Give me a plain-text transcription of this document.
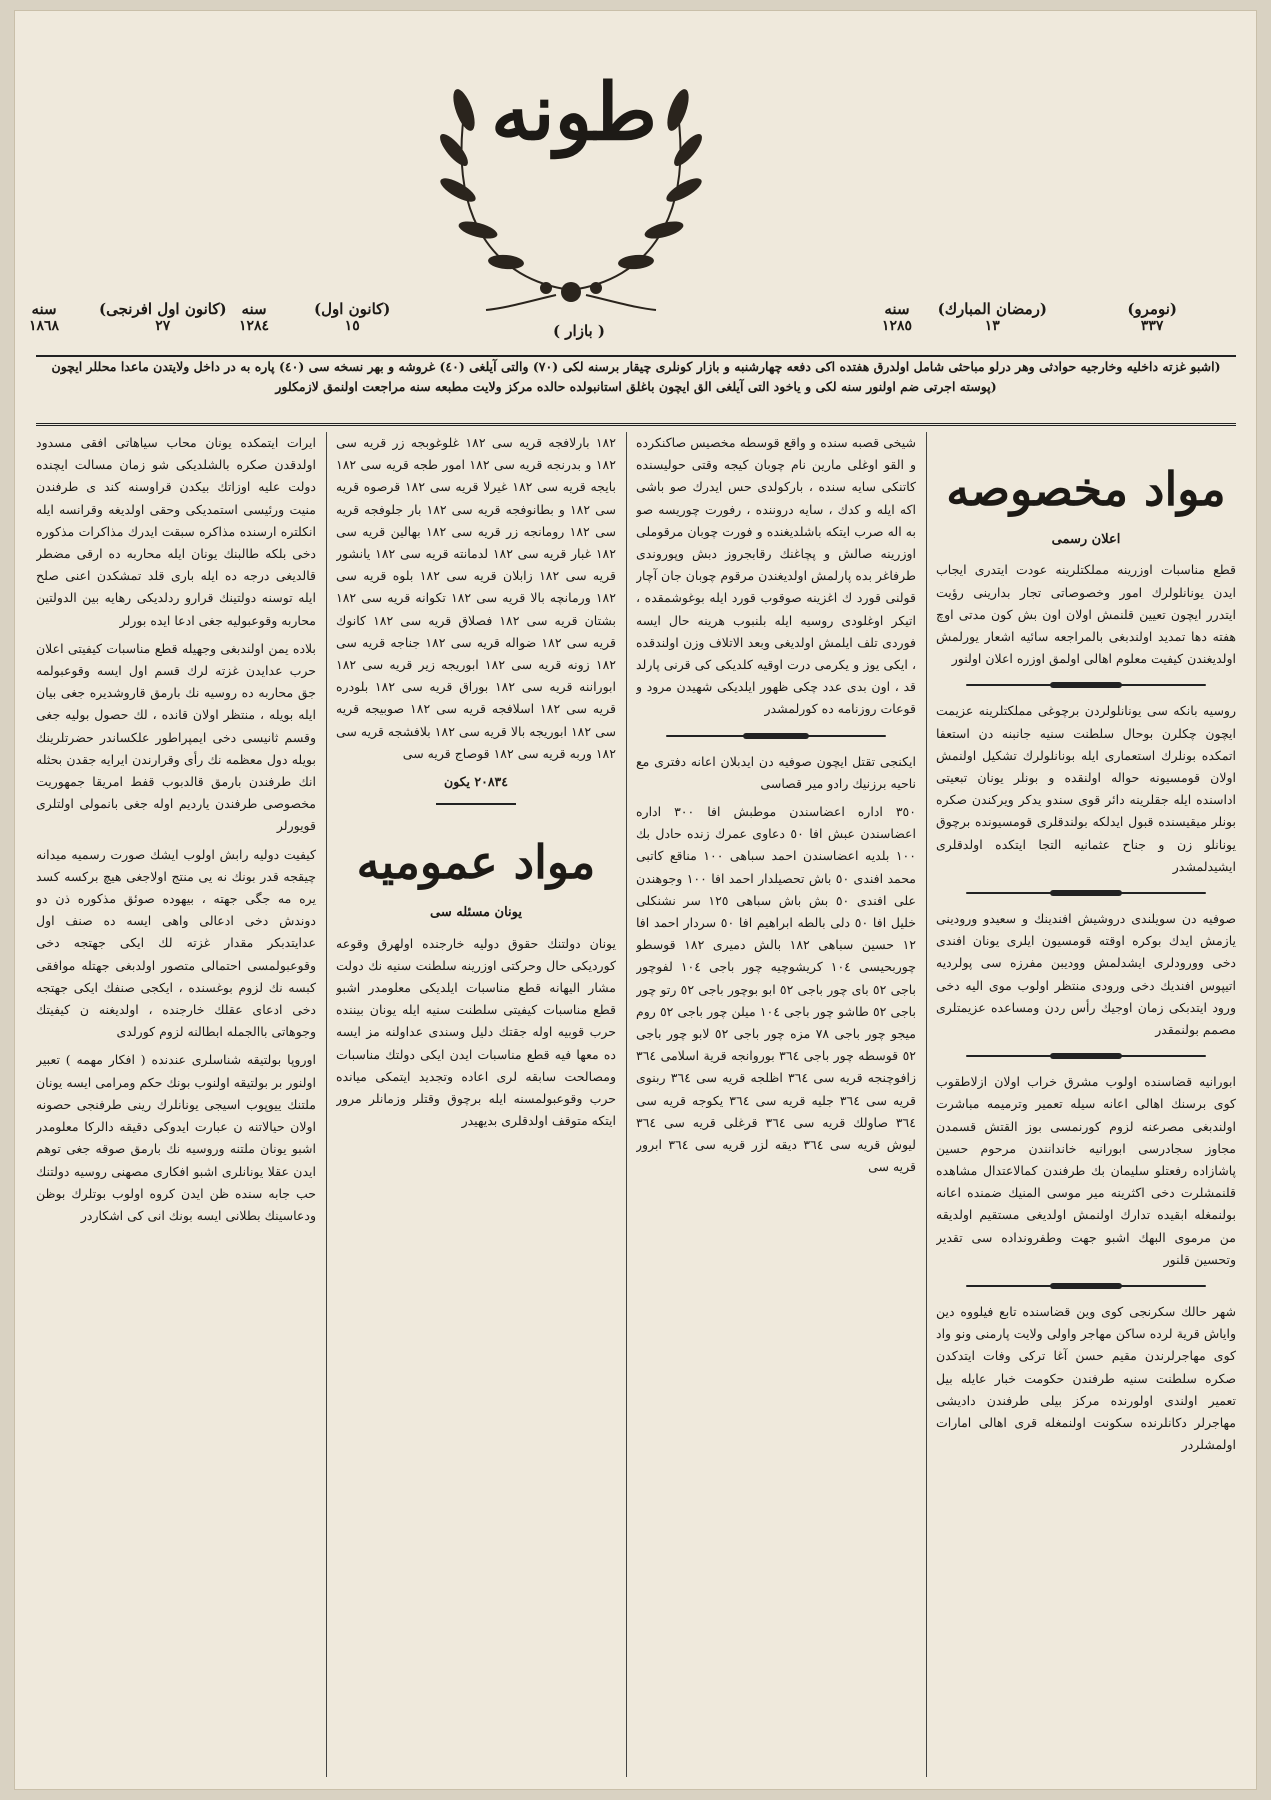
طونه
(نومرو)
٣٣٧
(رمضان المبارك)
١٣
سنه
١٢٨٥
(كانون اول)
١٥
سنه
١٢٨٤
(كانون اول افرنجى)
٢٧
سنه
١٨٦٨	( بازار )
(اشبو غزته داخليه وخارجيه حوادثى وهر درلو مباحثى شامل اولدرق هفتده اكى دفعه چهارشنبه و بازار كونلرى چيقار برسنه لكى (٧٠) والتى آيلغى (٤٠) غروشه و بهر نسخه سى (٤٠) پاره به در داخل ولايتدن ماعدا محللر ايچون
(پوسته اجرتى ضم اولنور سنه لكى و ياخود التى آيلغى الق ايچون باغلق استانبولده حالده مركز ولايت مطبعه سنه مراجعت اولنمق لازمكلور
مواد مخصوصه
اعلان رسمى

قطع مناسبات اوزرينه مملكتلرينه عودت ايتدرى ايجاب ايدن يونانلولرك امور وخصوصاتى تجار بدارينى رؤيت ايتدرر ايچون تعيين قلنمش اولان اون بش كون مدتى اوچ هفته دها تمديد اولندبغى بالمراجعه سائيه اشعار يورلمش اولديغندن كيفيت معلوم اهالى اولمق اوزره اعلان اولنور

روسيه بانكه سى يونانلولردن برچوغى مملكتلرينه عزيمت ايچون چكلرن بوحال سلطنت سنيه جانبنه دن استعفا اتمكده بونلرك استعمارى ايله بونانلولرك تشكيل اولنمش اولان قومسيونه حواله اولنقده و بونلر يونان تبعيتى اداسنده ايله جقلرينه دائر قوى سندو يدكر ويركندن صكره بونلر ميقيسنده قبول ايدلكه بولندقلرى قومسيونده برچوق يونانلو زن و جناح عثمانيه التجا ايتكده اولدقلرى ايشيدلمشدر

صوفيه دن سويلندى دروشيش افندينك و سعيدو ورودينى يازمش ايدك بوكره اوقته قومسيون ايلرى يونان افندى دخى وورودلرى ايشدلمش ووديبن مفرزه سى پولرديه اتيپوس افنديك دخى ورودى منتظر اولوب موى اليه دخى ورود ايتدبكى زمان اوجيك رأس ردن ومساعده عزيمتلرى مصمم بولنمقدر

ابورانيه قضاسنده اولوب مشرق خراب اولان ازلاطقوب كوى برسنك اهالى اعانه سيله تعمير وترميمه مباشرت اولندبغى مصرعنه لزوم كورنمسى بوز القتش قسمدن مجاوز سجادرسى ابورانيه خاندانندن مرحوم حسين پاشازاده رفعتلو سليمان بك طرفندن كمالاعتدال مشاهده قلنمشلرت دخى اكثرينه مير موسى المنيك ضمنده اعانه بولنمغله ابقيده تدارك اولنمش اولديغى مستقيم اولديقه من مرموى البهك اشبو جهت وطفرونداده سى تقدير وتحسين قلنور

شهر حالك سكرنجى كوى وين قضاسنده تابع فيلووه دين واياش قرية لرده ساكن مهاجر واولى ولايت پارمنى ونو واد كوى مهاجرلرندن مقيم حسن آغا تركى وفات ايتدكدن صكره سلطنت سنيه طرفندن حكومت خبار عايله بيل تعمير اولندى اولورنده مركز بيلى طرفندن داديشى مهاجرلر دكانلرنده سكونت اولنمغله قرى اهالى امارات اولمشلردر

شيخى قصبه سنده و واقع قوسطه مخصيس صاكنكرده و القو اوغلى مارين نام چوبان كيجه وقتى حوليسنده كاتنكى سايه سنده ، باركولدى حس ايدرك صو باشى اكه ايله و كدك ، سايه دروننده ، رفورت چوريسه صو به اله صرب ايتكه باشلديغنده و فورت چوبان مرقوملى اوزرينه صالش و پچاغنك رقابجروز دبش وپوروندى طرفاغر بده پارلمش اولديغندن مرقوم چوبان جان آچار قولنى قورد ك اغزينه صوقوب قورد ايله بوغوشمقده ، اتيكر اوغلودى روسيه ايله بلنبوب هرينه حال ايسه فوردى تلف ايلمش اولديغى وبعد الاتلاف وزن اولندقده ، ايكى يوز و يكرمى درت اوقيه كلديكى كى قرنى پارلد قد ، اون بدى عدد چكى ظهور ايلديكى شهيدن مرود و قوعات روزنامه ده كورلمشدر

ايكنجى تقتل ايچون صوفيه دن ايدبلان اعانه دفترى مع ناحيه برزنيك رادو مير قصاسى

٣٥٠ اداره اعضاسندن موطبش افا ٣٠٠ اداره اعضاسندن عبش افا ٥٠ دعاوى عمرك زنده حادل بك ١٠٠ بلديه اعضاسندن احمد سباهى ١٠٠ مناقع كاتبى محمد افندى ٥٠ باش تحصيلدار احمد افا ١٠٠ وجوهندن على افندى ٥٠ بش باش سباهى ١٢٥ سر نشنكلى خليل افا ٥٠ دلى بالطه ابراهيم افا ٥٠ سردار احمد افا ١٢ حسين سباهى ١٨٢ بالش دميرى ١٨٢ قوسطو چوربحيسى ١٠٤ كريشوچيه چور باجى ١٠٤ لفوچور باجى ٥٢ بای چور باجى ٥٢ ابو بوچور باجى ٥٢ رتو چور باجى ٥٢ طاشو چور باجى ١٠٤ ميلن چور باجى ٥٢ روم ميجو چور باجى ٧٨ مزه چور باجى ٥٢ لابو چور باجى ٥٢ قوسطه چور باجى ٣٦٤ بوروانجه قرية اسلامى ٣٦٤ زافوچنجه قريه سى ٣٦٤ اظلجه قريه سى ٣٦٤ ربنوى قريه سى ٣٦٤ جليه قريه سى ٣٦٤ يكوجه قريه سى ٣٦٤ صاولك قريه سى ٣٦٤ قرغلى قريه سى ٣٦٤ ليوش قريه سى ٣٦٤ ديقه لزر قريه سى ٣٦٤ ابرور قريه سى

١٨٢ بارلافجه قريه سى ١٨٢ غلوغوبجه زر قريه سى ١٨٢ و بدرنجه قريه سى ١٨٢ امور طجه قريه سى ١٨٢ بايجه قريه سى ١٨٢ غيرلا قريه سى ١٨٢ قرصوه قريه سى ١٨٢ و بطانوفجه قريه سى ١٨٢ بار جلوفجه قريه سى ١٨٢ رومانجه زر قريه سى ١٨٢ بهالين قريه سى ١٨٢ غبار قريه سى ١٨٢ لدمانته قريه سى ١٨٢ يانشور قريه سى ١٨٢ زابلان قريه سى ١٨٢ بلوه قريه سى ١٨٢ ورمانچه بالا قريه سى ١٨٢ تكوانه قريه سى ١٨٢ بشتان قريه سى ١٨٢ فصلاق قريه سى ١٨٢ كانوك قريه سى ١٨٢ ضواله قريه سى ١٨٢ جناجه قريه سى ١٨٢ زونه قريه سى ١٨٢ ابوريجه زير قريه سى ١٨٢ ابوراننه قريه سى ١٨٢ بوراق قريه سى ١٨٢ بلودره قريه سى ١٨٢ اسلافجه قريه سى ١٨٢ صوبيجه قريه سى ١٨٢ ابوريجه بالا قريه سى ١٨٢ بلافشجه قريه سى ١٨٢ وربه قريه سى ١٨٢ قوصاج قريه سى

٢٠٨٣٤ يكون

مواد عموميه
يونان مسئله سى

يونان دولتنك حقوق دوليه خارجنده اولهرق وقوعه كورديكى حال وحركتى اوزرينه سلطنت سنيه نك دولت مشار اليهانه قطع مناسبات ايلديكى معلومدر اشبو قطع مناسبات كيفيتى سلطنت سنيه ايله يونان بيننده حرب قوبيه اوله جقتك دليل وسندى عداولنه مز ايسه ده معها فيه قطع مناسبات ايدن ايكى دولتك مناسبات ومصالحت سابقه لرى اعاده وتجديد ايتمكى ميانده حرب وقوعبولمسنه ايله برچوق وقتلر وزمانلر مرور ايتكه متوقف اولدقلرى بديهيدر

ايرات ايتمكده يونان محاب سياهاتى افقى مسدود اولدقدن صكره بالشلديكى شو زمان مسالت ايچنده دولت عليه اوزاتك بيكدن قراوسنه كند ى طرفندن منيت ورئيسى استمديكى وحقى اولديغه وقرانسه ايله انكلتره ارسنده مذاكره سبقت ايدرك مذاكرات مذكوره دخى بلكه طالبنك يونان ايله محاربه ده ارقى مضطر قالديغى درجه ده ايله بارى قلد تمشكدن اعنى صلح ايله توسنه دولتينك قرارو ردلديكى رهايه بين الدولتين محاربه وقوعبوليه جغى ادعا ايده بورلر

بلاده يمن اولندبغى وجهيله قطع مناسبات كيفيتى اعلان حرب عدايدن غزته لرك قسم اول ايسه وقوعبولمه جق محاربه ده روسيه نك بارمق قاروشديره جغى بيان ايله بويله ، منتظر اولان قانده ، لك حصول بوليه جغى وقسم ثانيسى دخى ايمپراطور علكساندر حضرتلرينك بويله دول معظمه نك رأى وقرارندن ايرايه جقدن بحثله انك طرفندن بارمق قالدبوب قفط امريقا جمهوريت مخصوصى طرفندن يارديم اوله جغى بانمولى اولتلرى قويورلر

كيفيت دوليه رابش اولوب ايشك صورت رسميه ميدانه چيقجه قدر بونك نه يى منتج اولاجغى هيچ بركسه كسد يره مه جگى جهته ، بيهوده صوئق مذكوره ذن دو دوندش دخى ادعالى واهى ايسه ده صنف اول عدايتدبكر مقدار غزته لك ايكى جهتجه دخى وقوعبولمسى احتمالى متصور اولدبغى جهتله موافقى كبسه نك لزوم بوغسنده ، ايكجى صنفك ايكى جهتجه دخى ادعاى عقلك خارجنده ، اولديغنه ن كيفيتك وجوهاتى باالجمله ابطالنه لزوم كورلدى

اوروپا بولتيقه شناسلرى عندنده ( افكار مهمه ) تعبير اولنور بر بولتيقه اولنوب بونك حكم ومرامى ايسه يونان ملتنك ييوپوب اسيجى يونانلرك رينى طرفنجى حصونه اولان حيالاتنه ن عبارت ايدوكى دقيقه دالركا معلومدر اشبو يونان ملتنه وروسيه نك بارمق صوقه جغى توهم ايدن عقلا يونانلرى اشبو افكارى مصهنى روسيه دولتنك حب جابه سنده ظن ايدن كروه اولوب بوتلرك بوظن ودعاسينك بطلانى ايسه بونك انى كى اشكاردر
